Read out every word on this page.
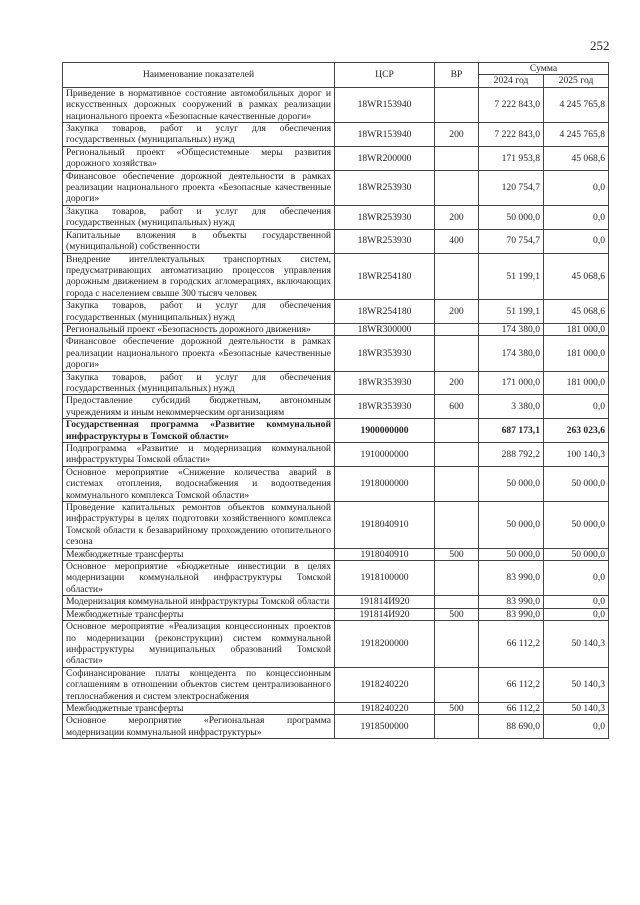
252
Наименование показателей	ЦСР	ВР	Сумма	
			2024 год	2025 год
Приведение в нормативное состояние автомобильных дорог и искусственных дорожных сооружений в рамках реализации национального проекта «Безопасные качественные дороги»	18WR153940		7 222 843,0	4 245 765,8
Закупка товаров, работ и услуг для обеспечения государственных (муниципальных) нужд	18WR153940	200	7 222 843,0	4 245 765,8
Региональный проект «Общесистемные меры развития дорожного хозяйства»	18WR200000		171 953,8	45 068,6
Финансовое обеспечение дорожной деятельности в рамках реализации национального проекта «Безопасные качественные дороги»	18WR253930		120 754,7	0,0
Закупка товаров, работ и услуг для обеспечения государственных (муниципальных) нужд	18WR253930	200	50 000,0	0,0
Капитальные вложения в объекты государственной (муниципальной) собственности	18WR253930	400	70 754,7	0,0
Внедрение интеллектуальных транспортных систем, предусматривающих автоматизацию процессов управления дорожным движением в городских агломерациях, включающих города с населением свыше 300 тысяч человек	18WR254180		51 199,1	45 068,6
Закупка товаров, работ и услуг для обеспечения государственных (муниципальных) нужд	18WR254180	200	51 199,1	45 068,6
Региональный проект «Безопасность дорожного движения»	18WR300000		174 380,0	181 000,0
Финансовое обеспечение дорожной деятельности в рамках реализации национального проекта «Безопасные качественные дороги»	18WR353930		174 380,0	181 000,0
Закупка товаров, работ и услуг для обеспечения государственных (муниципальных) нужд	18WR353930	200	171 000,0	181 000,0
Предоставление субсидий бюджетным, автономным учреждениям и иным некоммерческим организациям	18WR353930	600	3 380,0	0,0
Государственная программа «Развитие коммунальной инфраструктуры в Томской области»	1900000000		687 173,1	263 023,6
Подпрограмма «Развитие и модернизация коммунальной инфраструктуры Томской области»	1910000000		288 792,2	100 140,3
Основное мероприятие «Снижение количества аварий в системах отопления, водоснабжения и водоотведения коммунального комплекса Томской области»	1918000000		50 000,0	50 000,0
Проведение капитальных ремонтов объектов коммунальной инфраструктуры в целях подготовки хозяйственного комплекса Томской области к безаварийному прохождению отопительного сезона	1918040910		50 000,0	50 000,0
Межбюджетные трансферты	1918040910	500	50 000,0	50 000,0
Основное мероприятие «Бюджетные инвестиции в целях модернизации коммунальной инфраструктуры Томской области»	1918100000		83 990,0	0,0
Модернизация коммунальной инфраструктуры Томской области	191814И920		83 990,0	0,0
Межбюджетные трансферты	191814И920	500	83 990,0	0,0
Основное мероприятие «Реализация концессионных проектов по модернизации (реконструкции) систем коммунальной инфраструктуры муниципальных образований Томской области»	1918200000		66 112,2	50 140,3
Софинансирование платы концедента по концессионным соглашениям в отношении объектов систем централизованного теплоснабжения и систем электроснабжения	1918240220		66 112,2	50 140,3
Межбюджетные трансферты	1918240220	500	66 112,2	50 140,3
Основное мероприятие «Региональная программа модернизации коммунальной инфраструктуры»	1918500000		88 690,0	0,0
